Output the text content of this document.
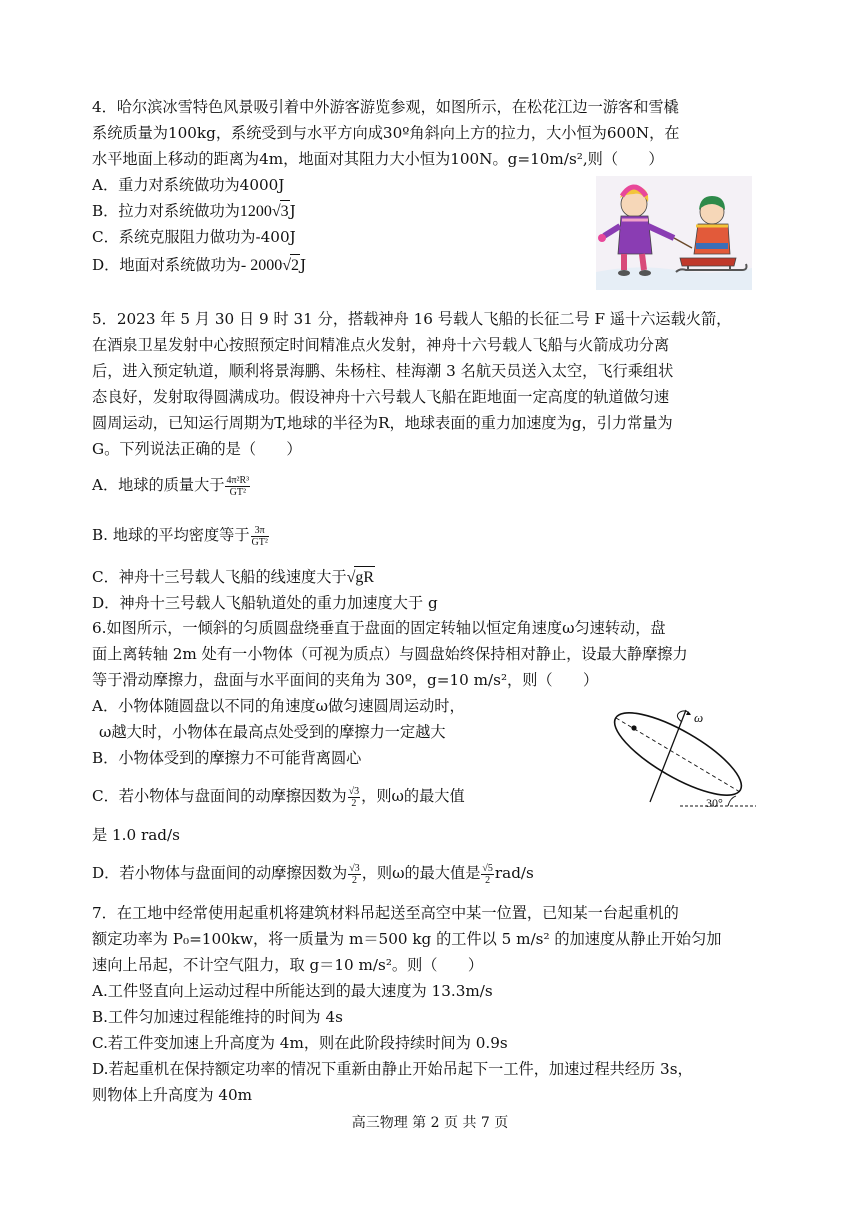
4．哈尔滨冰雪特色风景吸引着中外游客游览参观，如图所示，在松花江边一游客和雪橇
系统质量为100kg，系统受到与水平方向成30º角斜向上方的拉力，大小恒为600N，在
水平地面上移动的距离为4m，地面对其阻力大小恒为100N。g=10m/s²,则（　　）
A．重力对系统做功为4000J
B．拉力对系统做功为1200√3J
C．系统克服阻力做功为-400J
D．地面对系统做功为- 2000√2J
5．2023 年 5 月 30 日 9 时 31 分，搭载神舟 16 号载人飞船的长征二号 F 遥十六运载火箭，
在酒泉卫星发射中心按照预定时间精准点火发射，神舟十六号载人飞船与火箭成功分离
后，进入预定轨道，顺利将景海鹏、朱杨柱、桂海潮 3 名航天员送入太空，飞行乘组状
态良好，发射取得圆满成功。假设神舟十六号载人飞船在距地面一定高度的轨道做匀速
圆周运动，已知运行周期为T,地球的半径为R，地球表面的重力加速度为g，引力常量为
G。下列说法正确的是（　　）
A．地球的质量大于 $\frac{\text{4π²R³}}{\text{GT²}}$
B. 地球的平均密度等于 $\frac{3\pi}{\text{GT²}}$
C．神舟十三号载人飞船的线速度大于√gR
D．神舟十三号载人飞船轨道处的重力加速度大于 g
6.如图所示，一倾斜的匀质圆盘绕垂直于盘面的固定转轴以恒定角速度ω匀速转动，盘
面上离转轴 2m 处有一小物体（可视为质点）与圆盘始终保持相对静止，设最大静摩擦力
等于滑动摩擦力，盘面与水平面间的夹角为 30º，g=10 m/s²，则（　　）
A．小物体随圆盘以不同的角速度ω做匀速圆周运动时，
ω越大时，小物体在最高点处受到的摩擦力一定越大
B．小物体受到的摩擦力不可能背离圆心
C．若小物体与盘面间的动摩擦因数为 $\frac{√3}{2}$ ，则ω的最大值
是 1.0 rad/s
D．若小物体与盘面间的动摩擦因数为 $\frac{√3}{2}$ ，则ω的最大值是 $\frac{√5}{2} rad/s$
ω
30°
7．在工地中经常使用起重机将建筑材料吊起送至高空中某一位置，已知某一台起重机的
额定功率为 P₀=100kw，将一质量为 m＝500 kg 的工件以 5 m/s² 的加速度从静止开始匀加
速向上吊起，不计空气阻力，取 g＝10 m/s²。则（　　）
A.工件竖直向上运动过程中所能达到的最大速度为 13.3m/s
B.工件匀加速过程能维持的时间为 4s
C.若工件变加速上升高度为 4m，则在此阶段持续时间为 0.9s
D.若起重机在保持额定功率的情况下重新由静止开始吊起下一工件，加速过程共经历 3s，
则物体上升高度为 40m
高三物理 第 2 页 共 7 页
